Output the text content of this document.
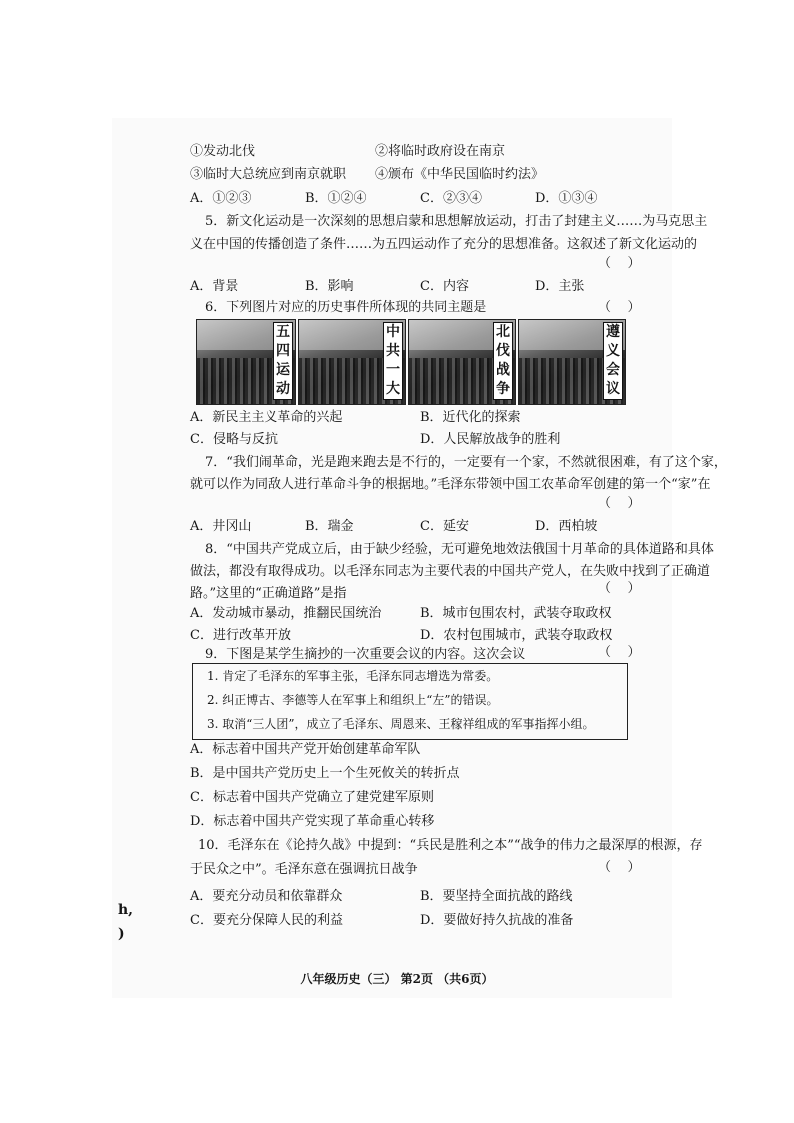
①发动北伐	②将临时政府设在南京
③临时大总统应到南京就职 ④颁布《中华民国临时约法》
A．①②③	B．①②④	C．②③④	D．①③④
5．新文化运动是一次深刻的思想启蒙和思想解放运动，打击了封建主义……为马克思主
义在中国的传播创造了条件……为五四运动作了充分的思想准备。这叙述了新文化运动的
（    ）
A．背景	B．影响	C．内容	D．主张
6．下列图片对应的历史事件所体现的共同主题是	（    ）
五四运动
中共一大
北伐战争
遵义会议
A．新民主主义革命的兴起	B．近代化的探索
C．侵略与反抗	D．人民解放战争的胜利
7．“我们闹革命，光是跑来跑去是不行的，一定要有一个家，不然就很困难，有了这个家，
就可以作为同敌人进行革命斗争的根据地。”毛泽东带领中国工农革命军创建的第一个“家”在
（    ）
A．井冈山	B．瑞金	C．延安	D．西柏坡
8．“中国共产党成立后，由于缺少经验，无可避免地效法俄国十月革命的具体道路和具体
做法，都没有取得成功。以毛泽东同志为主要代表的中国共产党人，在失败中找到了正确道
路。”这里的“正确道路”是指	（    ）
A．发动城市暴动，推翻民国统治	B．城市包围农村，武装夺取政权
C．进行改革开放	D．农村包围城市，武装夺取政权
9．下图是某学生摘抄的一次重要会议的内容。这次会议	（    ）
1. 肯定了毛泽东的军事主张，毛泽东同志增选为常委。
2. 纠正博古、李德等人在军事上和组织上“左”的错误。
3. 取消“三人团”，成立了毛泽东、周恩来、王稼祥组成的军事指挥小组。
A．标志着中国共产党开始创建革命军队
B．是中国共产党历史上一个生死攸关的转折点
C．标志着中国共产党确立了建党建军原则
D．标志着中国共产党实现了革命重心转移
10．毛泽东在《论持久战》中提到：“兵民是胜利之本”“战争的伟力之最深厚的根源，存
于民众之中”。毛泽东意在强调抗日战争	（    ）
A．要充分动员和依靠群众	B．要坚持全面抗战的路线
C．要充分保障人民的利益	D．要做好持久抗战的准备
h,
)
八年级历史（三） 第2页 （共6页）
